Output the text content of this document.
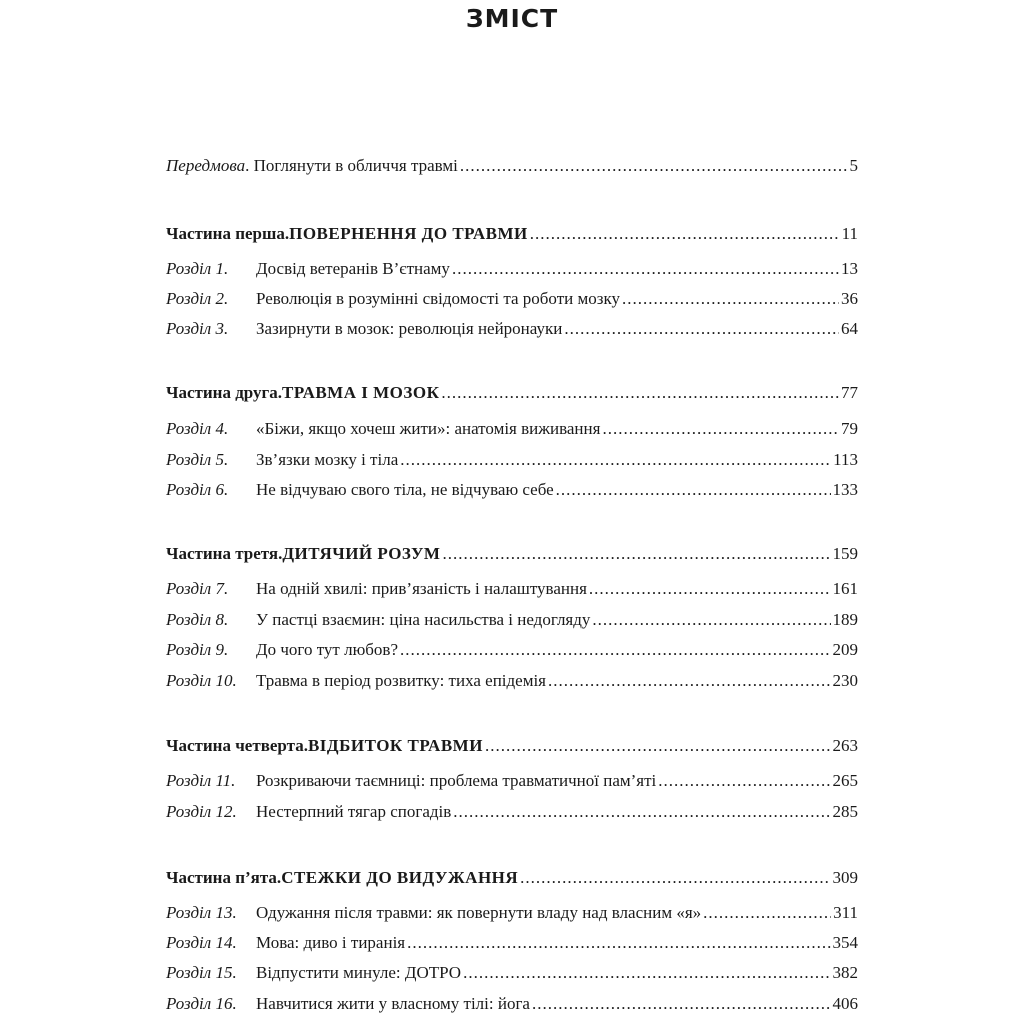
ЗМІСТ
Передмова . Поглянути в обличчя травмі .....	5
Частина перша. ПОВЕРНЕННЯ ДО ТРАВМИ .....	11
Розділ 1.	Досвід ветеранів В’єтнаму .....	13
Розділ 2.	Революція в розумінні свідомості та роботи мозку .....	36
Розділ 3.	Зазирнути в мозок: революція нейронауки .....	64
Частина друга. ТРАВМА І МОЗОК .....	77
Розділ 4.	«Біжи, якщо хочеш жити»: анатомія виживання .....	79
Розділ 5.	Зв’язки мозку і тіла .....	113
Розділ 6.	Не відчуваю свого тіла, не відчуваю себе .....	133
Частина третя. ДИТЯЧИЙ РОЗУМ .....	159
Розділ 7.	На одній хвилі: прив’язаність і налаштування .....	161
Розділ 8.	У пастці взаємин: ціна насильства і недогляду .....	189
Розділ 9.	До чого тут любов? .....	209
Розділ 10.	Травма в період розвитку: тиха епідемія .....	230
Частина четверта. ВІДБИТОК ТРАВМИ .....	263
Розділ 11.	Розкриваючи таємниці: проблема травматичної пам’яті .....	265
Розділ 12.	Нестерпний тягар спогадів .....	285
Частина п’ята. СТЕЖКИ ДО ВИДУЖАННЯ .....	309
Розділ 13.	Одужання після травми: як повернути владу над власним «я» .....	311
Розділ 14.	Мова: диво і тиранія .....	354
Розділ 15.	Відпустити минуле: ДОТРО .....	382
Розділ 16.	Навчитися жити у власному тілі: йога .....	406
